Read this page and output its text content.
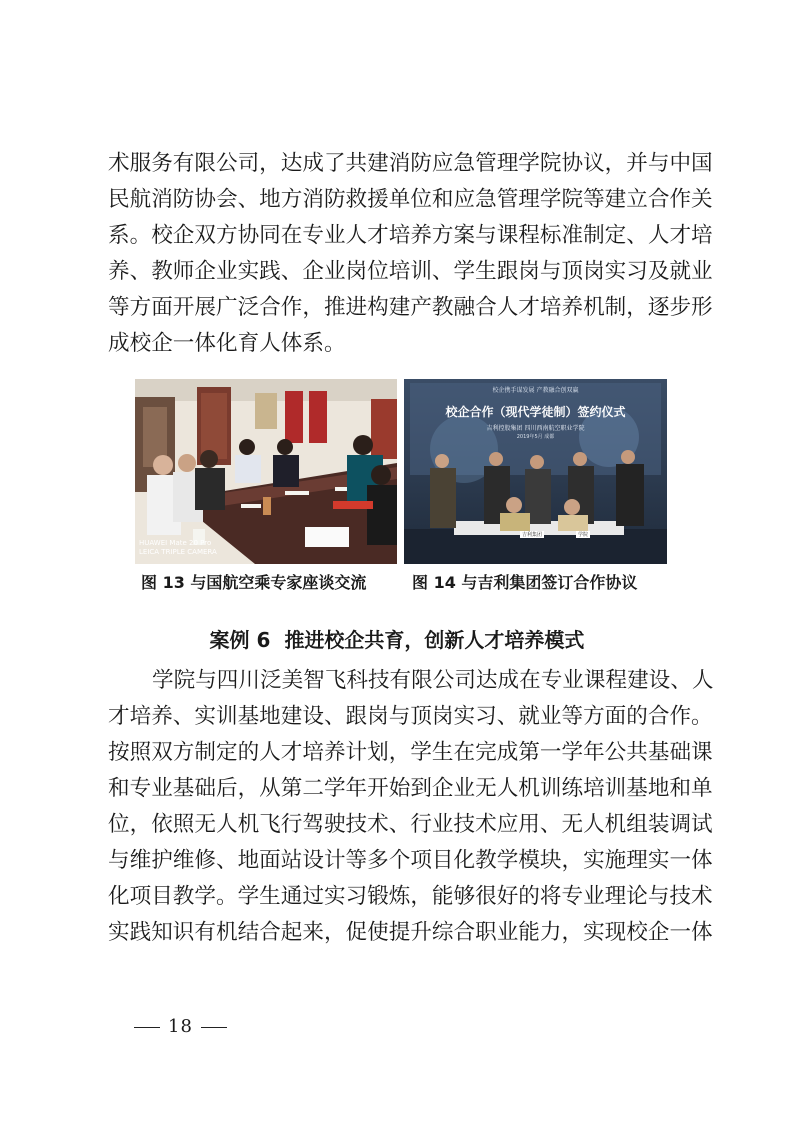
术服务有限公司，达成了共建消防应急管理学院协议，并与中国
民航消防协会、地方消防救援单位和应急管理学院等建立合作关
系。校企双方协同在专业人才培养方案与课程标准制定、人才培
养、教师企业实践、企业岗位培训、学生跟岗与顶岗实习及就业
等方面开展广泛合作，推进构建产教融合人才培养机制，逐步形
成校企一体化育人体系。
HUAWEI Mate 20 Pro
LEICA TRIPLE CAMERA
校企携手谋发展 产教融合创双赢
校企合作（现代学徒制）签约仪式
吉利控股集团 四川西南航空职业学院
2019年5月 成都
吉利集团	学院
图 13 与国航空乘专家座谈交流	图 14 与吉利集团签订合作协议
案例 6 推进校企共育，创新人才培养模式
学院与四川泛美智飞科技有限公司达成在专业课程建设、人
才培养、实训基地建设、跟岗与顶岗实习、就业等方面的合作。
按照双方制定的人才培养计划，学生在完成第一学年公共基础课
和专业基础后，从第二学年开始到企业无人机训练培训基地和单
位，依照无人机飞行驾驶技术、行业技术应用、无人机组装调试
与维护维修、地面站设计等多个项目化教学模块，实施理实一体
化项目教学。学生通过实习锻炼，能够很好的将专业理论与技术
实践知识有机结合起来，促使提升综合职业能力，实现校企一体
18
